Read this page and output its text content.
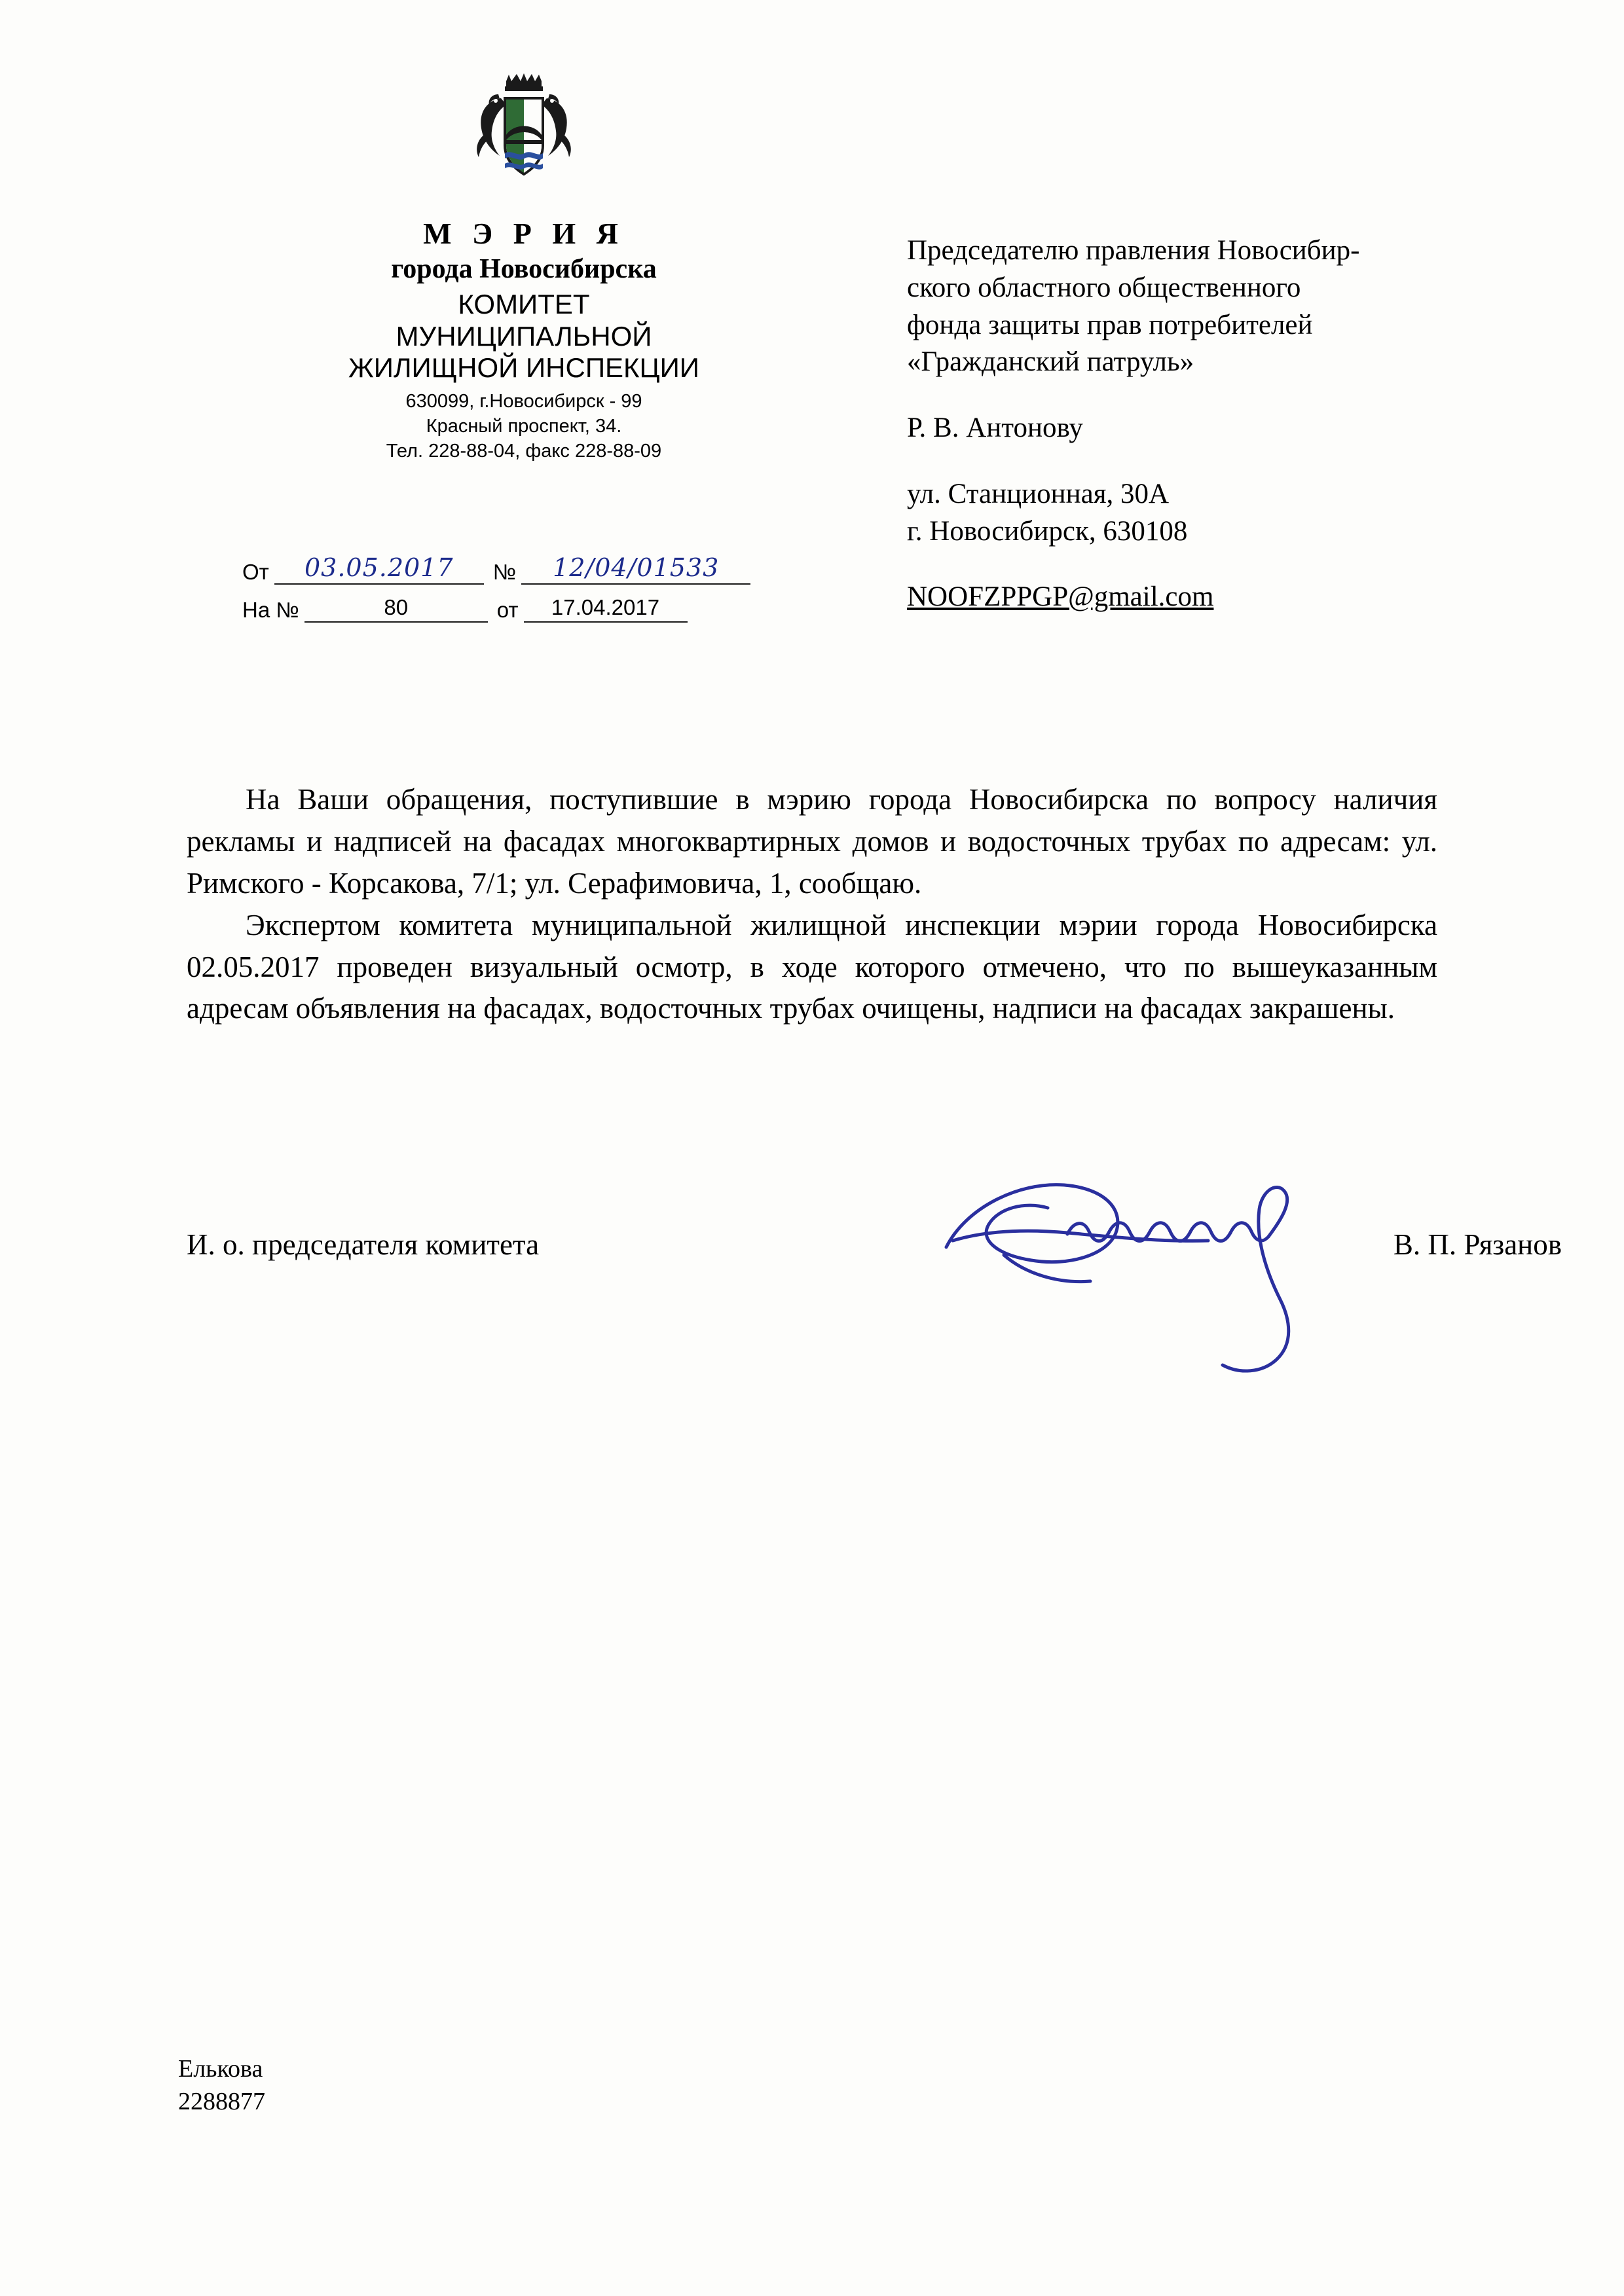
М Э Р И Я
города Новосибирска
КОМИТЕТ
МУНИЦИПАЛЬНОЙ
ЖИЛИЩНОЙ ИНСПЕКЦИИ

630099, г.Новосибирск - 99

Красный проспект, 34.

Тел. 228-88-04, факс 228-88-09

От	03.05.2017	№	12/04/01533
На №	80	от	17.04.2017

Председателю правления Новосибир-

ского областного общественного

фонда защиты прав потребителей

«Гражданский патруль»

Р. В. Антонову

ул. Станционная, 30А

г. Новосибирск, 630108

NOOFZPPGP@gmail.com

На Ваши обращения, поступившие в мэрию города Новосибирска по вопросу наличия рекламы и надписей на фасадах многоквартирных домов и водосточных трубах по адресам: ул. Римского - Корсакова, 7/1; ул. Серафимовича, 1, сообщаю.

Экспертом комитета муниципальной жилищной инспекции мэрии города Новосибирска 02.05.2017 проведен визуальный осмотр, в ходе которого отмечено, что по вышеуказанным адресам объявления на фасадах, водосточных трубах очищены, надписи на фасадах закрашены.

И. о. председателя комитета	В. П. Рязанов

Елькова

2288877
